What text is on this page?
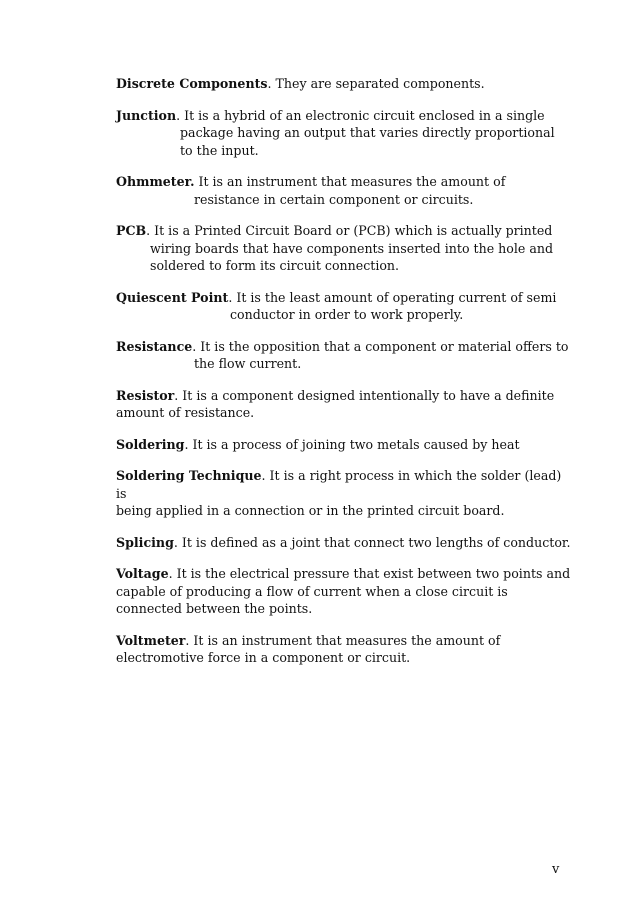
Discrete Components. They are separated components.

Junction. It is a hybrid of an electronic circuit enclosed in a single
package having an output that varies directly proportional
to the input.

Ohmmeter. It is an instrument that measures the amount of
resistance in certain component or circuits.

PCB. It is a Printed Circuit Board or (PCB) which is actually printed
wiring boards that have components inserted into the hole and
soldered to form its circuit connection.

Quiescent Point. It is the least amount of operating current of semi
conductor in order to work properly.

Resistance. It is the opposition that a component or material offers to
the flow current.

Resistor. It is a component designed intentionally to have a definite
amount of resistance.

Soldering. It is a process of joining two metals caused by heat

Soldering Technique. It is a right process in which the solder (lead) is
being applied in a connection or in the printed circuit board.

Splicing. It is defined as a joint that connect two lengths of conductor.

Voltage. It is the electrical pressure that exist between two points and
capable of producing a flow of current when a close circuit is
connected between the points.

Voltmeter. It is an instrument that measures the amount of
electromotive force in a component or circuit.

v
